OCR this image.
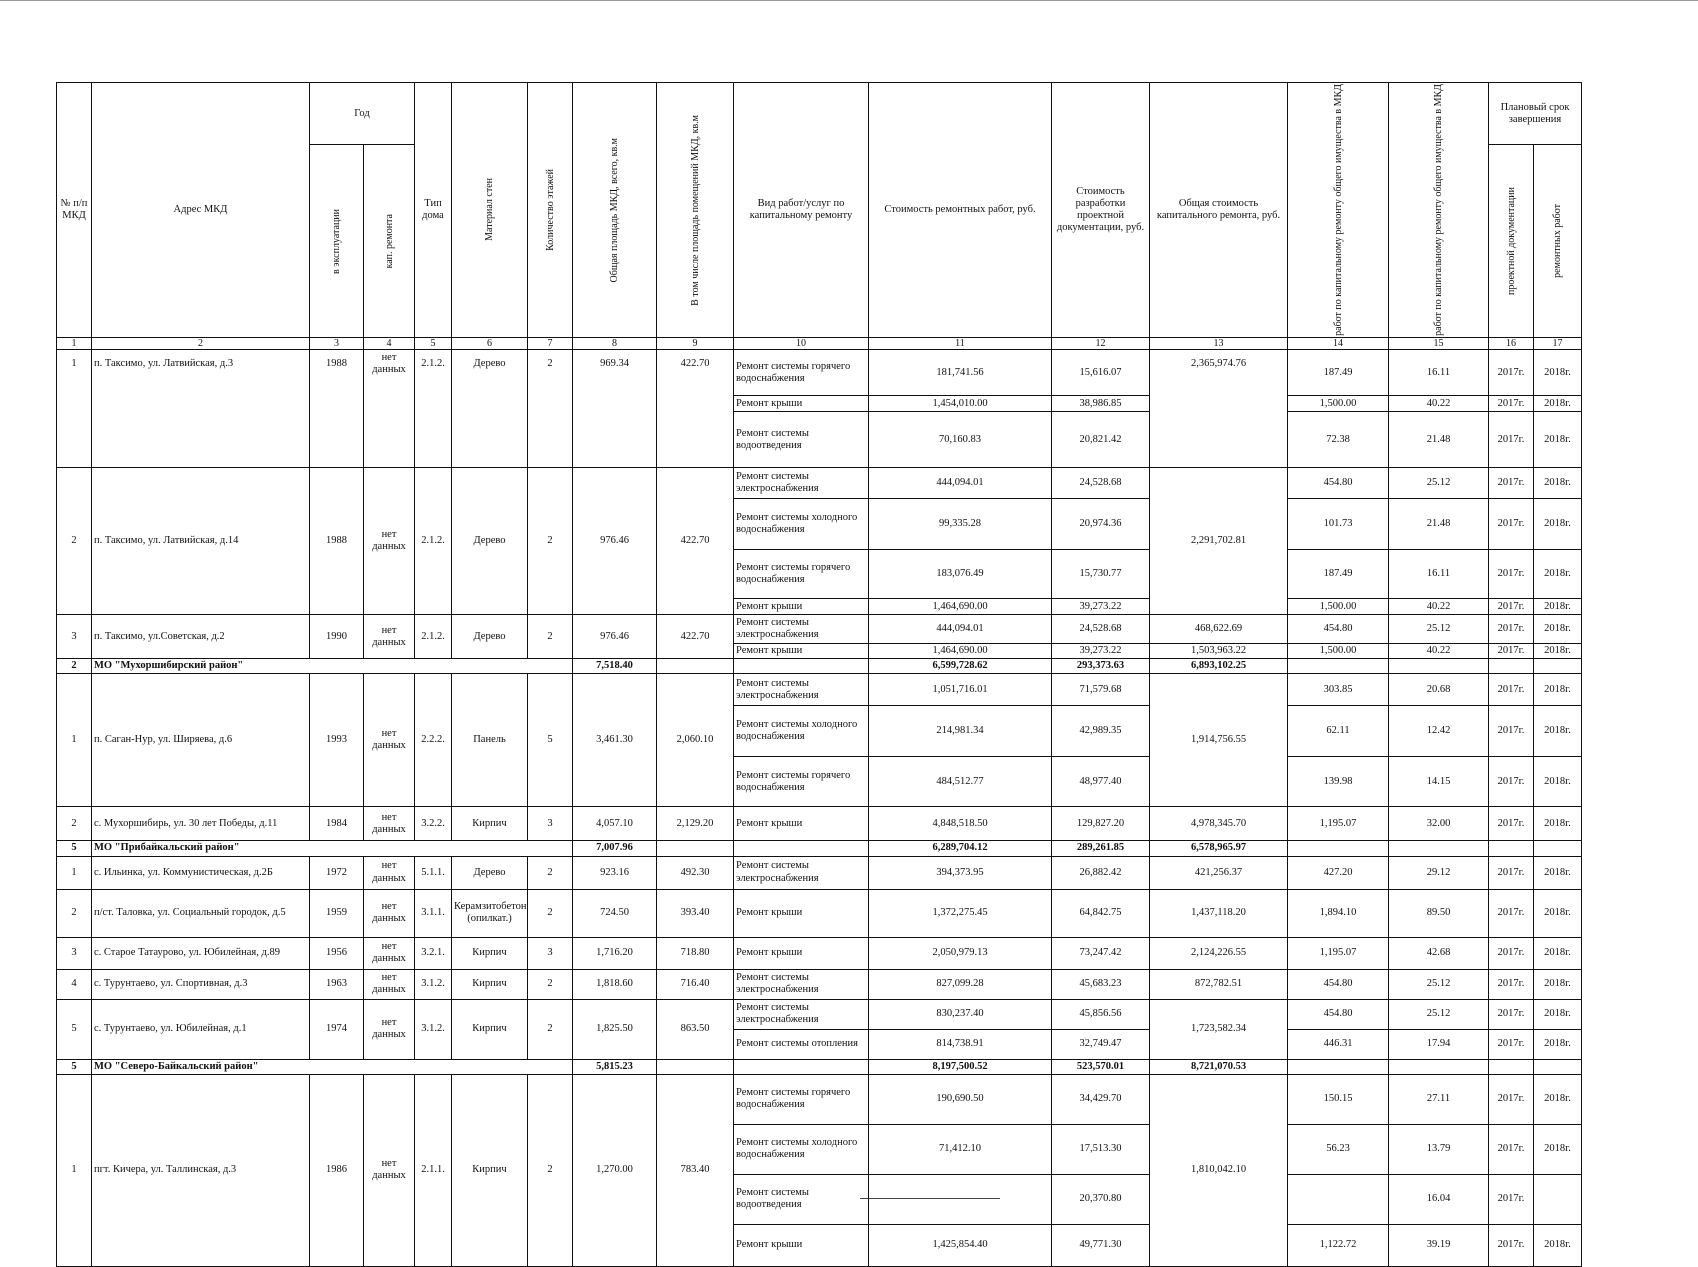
№ п/п МКД	Адрес МКД	Год		Тип дома	Материал стен	Количество этажей	Общая площадь МКД, всего, кв.м	В том числе площадь помещений МКД, кв.м	Вид работ/услуг по капитальному ремонту	Стоимость ремонтных работ, руб.	Стоимость разработки проектной документации, руб.	Общая стоимость капитального ремонта, руб.	работ по капитальному ремонту общего имущества в МКД	работ по капитальному ремонту общего имущества в МКД	Плановый срок завершения	

		в эксплуатации	кап. ремонта												проектной документации	ремонтных работ

1	2	3	4	5	6	7	8	9	10	11	12	13	14	15	16	17
1	п. Таксимо, ул. Латвийская, д.3	1988	нет данных	2.1.2.	Дерево	2	969.34	422.70	Ремонт системы горячего водоснабжения	181,741.56	15,616.07	2,365,974.76	187.49	16.11	2017г.	2018г.
									Ремонт крыши	1,454,010.00	38,986.85		1,500.00	40.22	2017г.	2018г.
									Ремонт системы водоотведения	70,160.83	20,821.42		72.38	21.48	2017г.	2018г.
2	п. Таксимо, ул. Латвийская, д.14	1988	нет данных	2.1.2.	Дерево	2	976.46	422.70	Ремонт системы электроснабжения	444,094.01	24,528.68	2,291,702.81	454.80	25.12	2017г.	2018г.
									Ремонт системы холодного водоснабжения	99,335.28	20,974.36		101.73	21.48	2017г.	2018г.
									Ремонт системы горячего водоснабжения	183,076.49	15,730.77		187.49	16.11	2017г.	2018г.
									Ремонт крыши	1,464,690.00	39,273.22		1,500.00	40.22	2017г.	2018г.
3	п. Таксимо, ул.Советская, д.2	1990	нет данных	2.1.2.	Дерево	2	976.46	422.70	Ремонт системы электроснабжения	444,094.01	24,528.68	468,622.69	454.80	25.12	2017г.	2018г.
									Ремонт крыши	1,464,690.00	39,273.22	1,503,963.22	1,500.00	40.22	2017г.	2018г.
2	МО "Мухоршибирский район"						7,518.40			6,599,728.62	293,373.63	6,893,102.25				
1	п. Саган-Нур, ул. Ширяева, д.6	1993	нет данных	2.2.2.	Панель	5	3,461.30	2,060.10	Ремонт системы электроснабжения	1,051,716.01	71,579.68	1,914,756.55	303.85	20.68	2017г.	2018г.
									Ремонт системы холодного водоснабжения	214,981.34	42,989.35		62.11	12.42	2017г.	2018г.
									Ремонт системы горячего водоснабжения	484,512.77	48,977.40		139.98	14.15	2017г.	2018г.
2	с. Мухоршибирь, ул. 30 лет Победы, д.11	1984	нет данных	3.2.2.	Кирпич	3	4,057.10	2,129.20	Ремонт крыши	4,848,518.50	129,827.20	4,978,345.70	1,195.07	32.00	2017г.	2018г.
5	МО "Прибайкальский район"						7,007.96			6,289,704.12	289,261.85	6,578,965.97				
1	с. Ильинка, ул. Коммунистическая, д.2Б	1972	нет данных	5.1.1.	Дерево	2	923.16	492.30	Ремонт системы электроснабжения	394,373.95	26,882.42	421,256.37	427.20	29.12	2017г.	2018г.
2	п/ст. Таловка, ул. Социальный городок, д.5	1959	нет данных	3.1.1.	Керамзитобетон (опилкат.)	2	724.50	393.40	Ремонт крыши	1,372,275.45	64,842.75	1,437,118.20	1,894.10	89.50	2017г.	2018г.
3	с. Старое Татаурово, ул. Юбилейная, д.89	1956	нет данных	3.2.1.	Кирпич	3	1,716.20	718.80	Ремонт крыши	2,050,979.13	73,247.42	2,124,226.55	1,195.07	42.68	2017г.	2018г.
4	с. Турунтаево, ул. Спортивная, д.3	1963	нет данных	3.1.2.	Кирпич	2	1,818.60	716.40	Ремонт системы электроснабжения	827,099.28	45,683.23	872,782.51	454.80	25.12	2017г.	2018г.
5	с. Турунтаево, ул. Юбилейная, д.1	1974	нет данных	3.1.2.	Кирпич	2	1,825.50	863.50	Ремонт системы электроснабжения	830,237.40	45,856.56	1,723,582.34	454.80	25.12	2017г.	2018г.
									Ремонт системы отопления	814,738.91	32,749.47		446.31	17.94	2017г.	2018г.
5	МО "Северо-Байкальский район"						5,815.23			8,197,500.52	523,570.01	8,721,070.53				
1	пгт. Кичера, ул. Таллинская, д.3	1986	нет данных	2.1.1.	Кирпич	2	1,270.00	783.40	Ремонт системы горячего водоснабжения	190,690.50	34,429.70	1,810,042.10	150.15	27.11	2017г.	2018г.
									Ремонт системы холодного водоснабжения	71,412.10	17,513.30		56.23	13.79	2017г.	2018г.
									Ремонт системы водоотведения		20,370.80			16.04	2017г.	
									Ремонт крыши	1,425,854.40	49,771.30		1,122.72	39.19	2017г.	2018г.
